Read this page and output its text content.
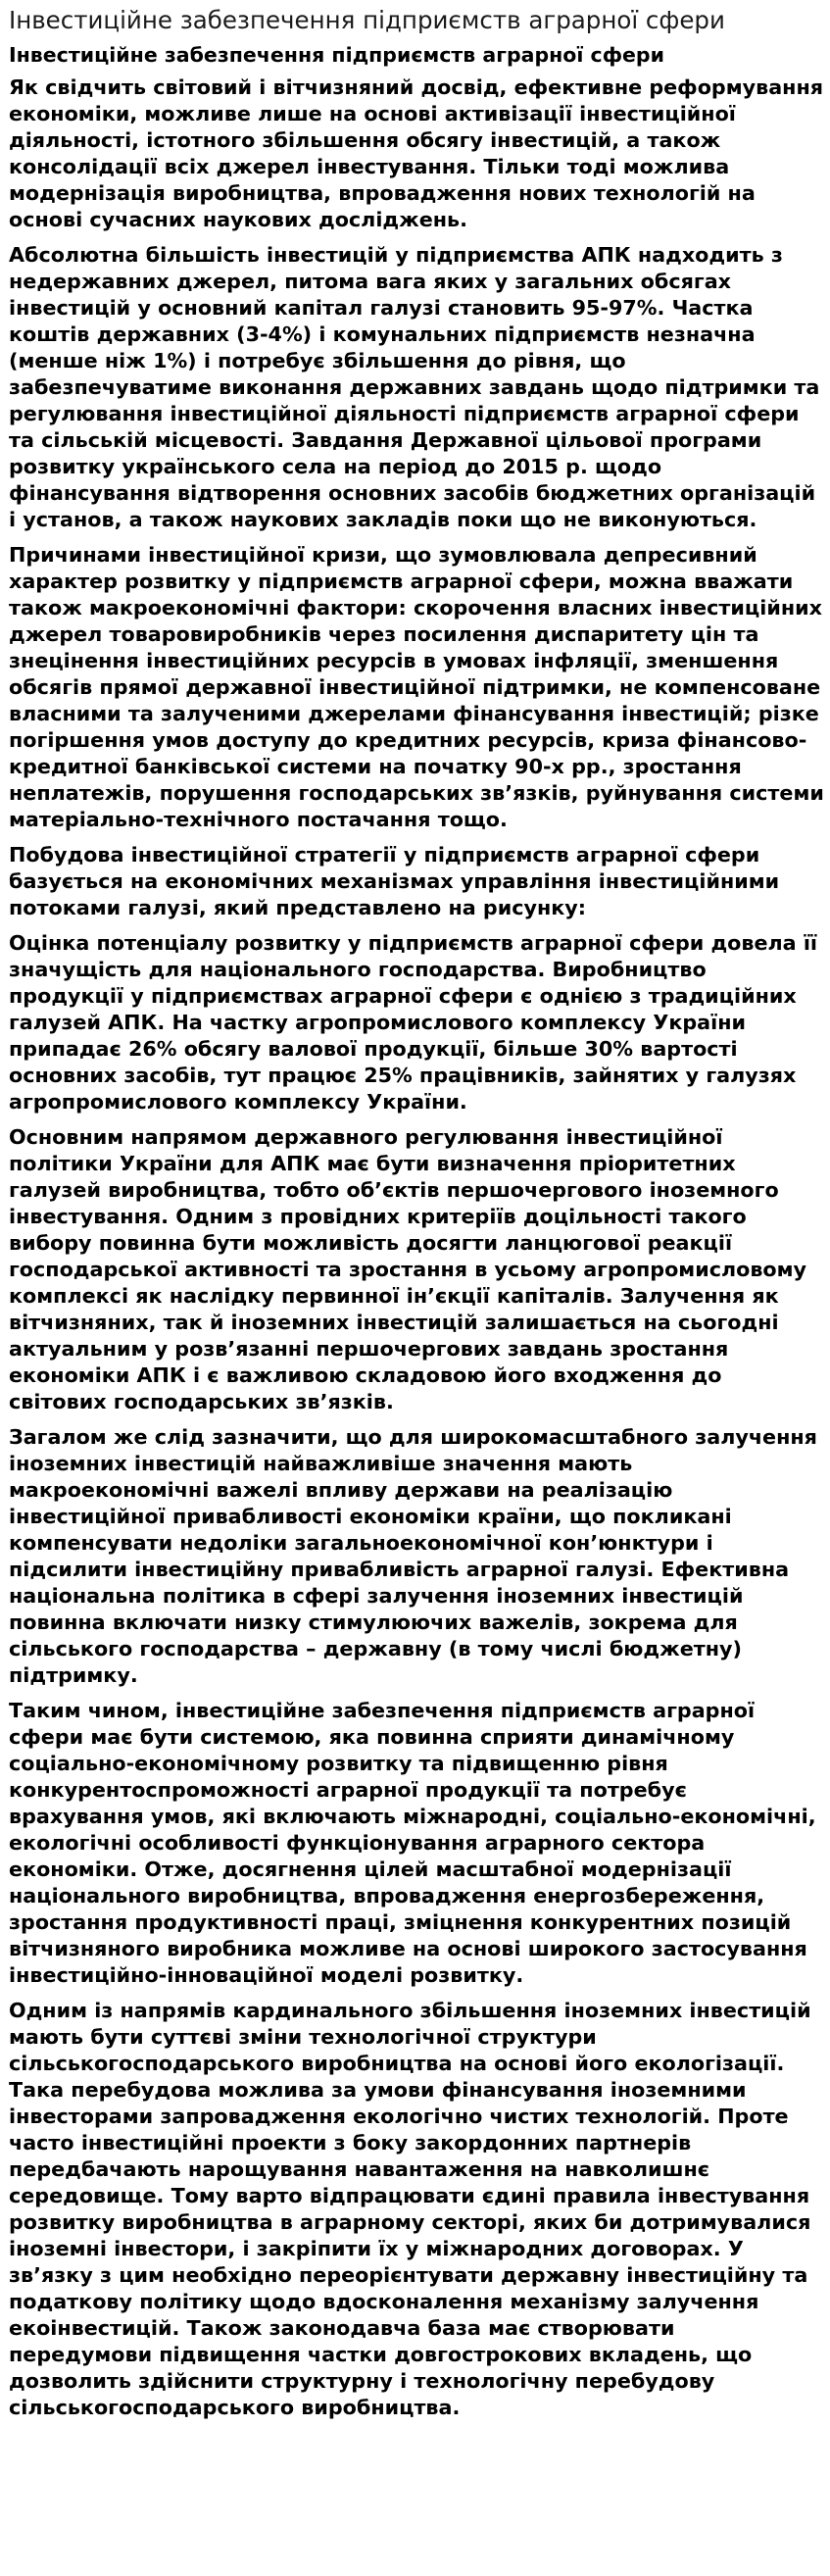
Інвестиційне забезпечення підприємств аграрної сфери
Інвестиційне забезпечення підприємств аграрної сфери

Як свідчить світовий і вітчизняний досвід, ефективне реформування економіки, можливе лише на основі активізації інвестиційної діяльності, істотного збільшення обсягу інвестицій, а також консолідації всіх джерел інвестування. Тільки тоді можлива модернізація виробництва, впровадження нових технологій на основі сучасних наукових досліджень.

Абсолютна більшість інвестицій у підприємства АПК надходить з недержавних джерел, питома вага яких у загальних обсягах інвестицій у основний капітал галузі становить 95-97%. Частка коштів державних (3-4%) і комунальних підприємств незначна (менше ніж 1%) і потребує збільшення до рівня, що забезпечуватиме виконання державних завдань щодо підтримки та регулювання інвестиційної діяльності підприємств аграрної сфери та сільській місцевості. Завдання Державної цільової програми розвитку українського села на період до 2015 р. щодо фінансування відтворення основних засобів бюджетних організацій і установ, а також наукових закладів поки що не виконуються.

Причинами інвестиційної кризи, що зумовлювала депресивний характер розвитку у підприємств аграрної сфери, можна вважати також макроекономічні фактори: скорочення власних інвестиційних джерел товаровиробників через посилення диспаритету цін та знецінення інвестиційних ресурсів в умовах інфляції, зменшення обсягів прямої державної інвестиційної підтримки, не компенсоване власними та залученими джерелами фінансування інвестицій; різке погіршення умов доступу до кредитних ресурсів, криза фінансово-кредитної банківської системи на початку 90-х рр., зростання неплатежів, порушення господарських зв’язків, руйнування системи матеріально-технічного постачання тощо.

Побудова інвестиційної стратегії у підприємств аграрної сфери базується на економічних механізмах управління інвестиційними потоками галузі, який представлено на рисунку:

Оцінка потенціалу розвитку у підприємств аграрної сфери довела її значущість для національного господарства. Виробництво продукції у підприємствах аграрної сфери є однією з традиційних галузей АПК. На частку агропромислового комплексу України припадає 26% обсягу валової продукції, більше 30% вартості основних засобів, тут працює 25% працівників, зайнятих у галузях агропромислового комплексу України.

Основним напрямом державного регулювання інвестиційної політики України для АПК має бути визначення пріоритетних галузей виробництва, тобто об’єктів першочергового іноземного інвестування. Одним з провідних критеріїв доцільності такого вибору повинна бути можливість досягти ланцюгової реакції господарської активності та зростання в усьому агропромисловому комплексі як наслідку первинної ін’єкції капіталів. Залучення як вітчизняних, так й іноземних інвестицій залишається на сьогодні актуальним у розв’язанні першочергових завдань зростання економіки АПК і є важливою складовою його входження до світових господарських зв’язків.

Загалом же слід зазначити, що для широкомасштабного залучення іноземних інвестицій найважливіше значення мають макроекономічні важелі впливу держави на реалізацію інвестиційної привабливості економіки країни, що покликані компенсувати недоліки загальноекономічної кон’юнктури і підсилити інвестиційну привабливість аграрної галузі. Ефективна національна політика в сфері залучення іноземних інвестицій повинна включати низку стимулюючих важелів, зокрема для сільського господарства – державну (в тому числі бюджетну) підтримку.

Таким чином, інвестиційне забезпечення підприємств аграрної сфери має бути системою, яка повинна сприяти динамічному соціально-економічному розвитку та підвищенню рівня конкурентоспроможності аграрної продукції та потребує врахування умов, які включають міжнародні, соціально-економічні, екологічні особливості функціонування аграрного сектора економіки. Отже, досягнення цілей масштабної модернізації національного виробництва, впровадження енергозбереження, зростання продуктивності праці, зміцнення конкурентних позицій вітчизняного виробника можливе на основі широкого застосування інвестиційно-інноваційної моделі розвитку.

Одним із напрямів кардинального збільшення іноземних інвестицій мають бути суттєві зміни технологічної структури сільськогосподарського виробництва на основі його екологізації. Така перебудова можлива за умови фінансування іноземними інвесторами запровадження екологічно чистих технологій. Проте часто інвестиційні проекти з боку закордонних партнерів передбачають нарощування навантаження на навколишнє середовище. Тому варто відпрацювати єдині правила інвестування розвитку виробництва в аграрному секторі, яких би дотримувалися іноземні інвестори, і закріпити їх у міжнародних договорах. У зв’язку з цим необхідно переорієнтувати державну інвестиційну та податкову політику щодо вдосконалення механізму залучення екоінвестицій. Також законодавча база має створювати передумови підвищення частки довгострокових вкладень, що дозволить здійснити структурну і технологічну перебудову сільськогосподарського виробництва.
